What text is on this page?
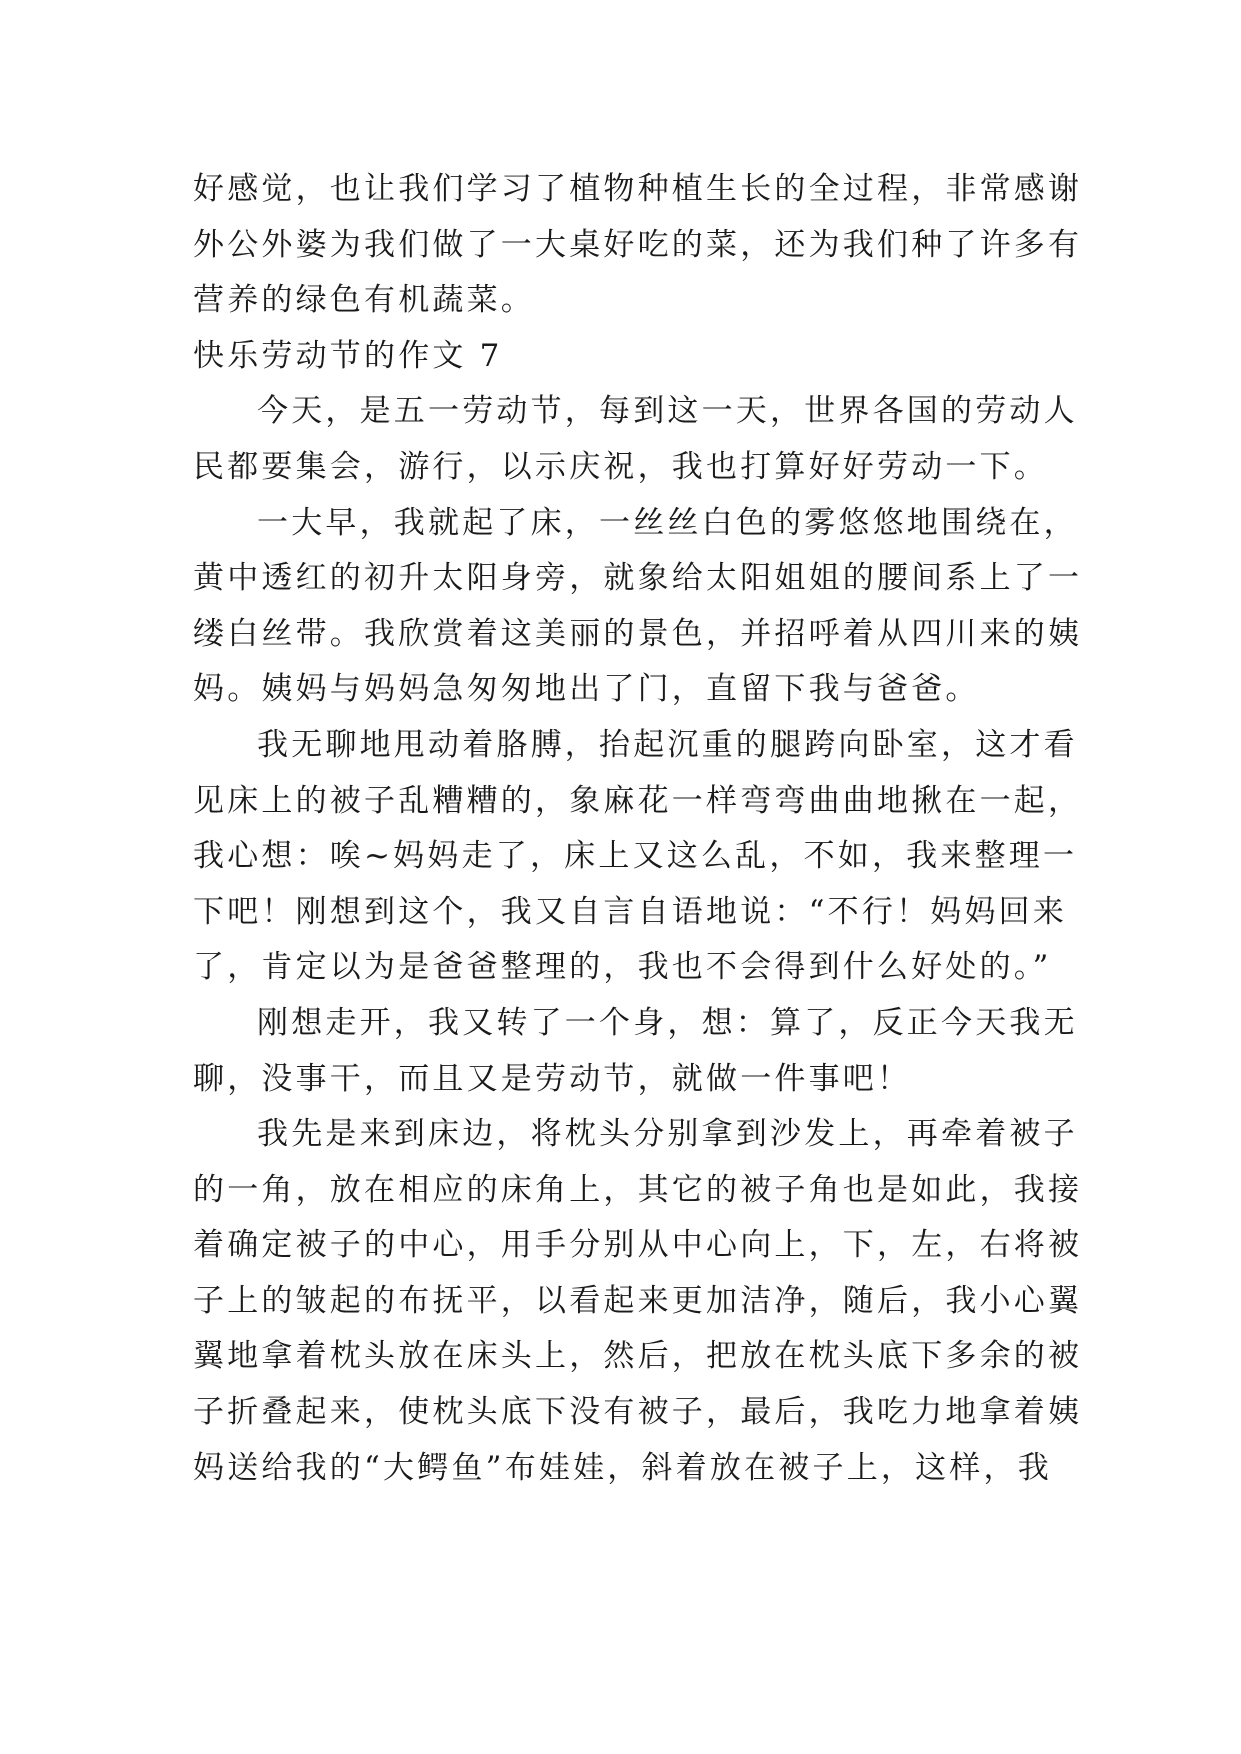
好感觉，也让我们学习了植物种植生长的全过程，非常感谢
外公外婆为我们做了一大桌好吃的菜，还为我们种了许多有
营养的绿色有机蔬菜。
快乐劳动节的作文 7
今天，是五一劳动节，每到这一天，世界各国的劳动人
民都要集会，游行，以示庆祝，我也打算好好劳动一下。
一大早，我就起了床，一丝丝白色的雾悠悠地围绕在，
黄中透红的初升太阳身旁，就象给太阳姐姐的腰间系上了一
缕白丝带。我欣赏着这美丽的景色，并招呼着从四川来的姨
妈。姨妈与妈妈急匆匆地出了门，直留下我与爸爸。
我无聊地甩动着胳膊，抬起沉重的腿跨向卧室，这才看
见床上的被子乱糟糟的，象麻花一样弯弯曲曲地揪在一起，
我心想：唉~妈妈走了，床上又这么乱，不如，我来整理一
下吧！刚想到这个，我又自言自语地说：“不行！妈妈回来
了，肯定以为是爸爸整理的，我也不会得到什么好处的。”
刚想走开，我又转了一个身，想：算了，反正今天我无
聊，没事干，而且又是劳动节，就做一件事吧！
我先是来到床边，将枕头分别拿到沙发上，再牵着被子
的一角，放在相应的床角上，其它的被子角也是如此，我接
着确定被子的中心，用手分别从中心向上，下，左，右将被
子上的皱起的布抚平，以看起来更加洁净，随后，我小心翼
翼地拿着枕头放在床头上，然后，把放在枕头底下多余的被
子折叠起来，使枕头底下没有被子，最后，我吃力地拿着姨
妈送给我的“大鳄鱼”布娃娃，斜着放在被子上，这样，我
